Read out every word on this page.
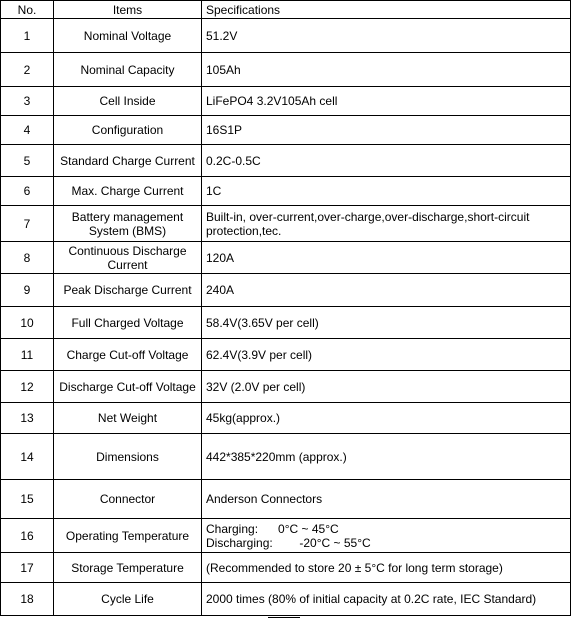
No.	Items	Specifications
1	Nominal Voltage	51.2V
2	Nominal Capacity	105Ah
3	Cell Inside	LiFePO4 3.2V105Ah cell
4	Configuration	16S1P
5	Standard Charge Current	0.2C-0.5C
6	Max. Charge Current	1C
7	Battery management System (BMS)	Built-in, over-current,over-charge,over-discharge,short-circuit protection,tec.
8	Continuous Discharge Current	120A
9	Peak Discharge Current	240A
10	Full Charged Voltage	58.4V(3.65V per cell)
11	Charge Cut-off Voltage	62.4V(3.9V per cell)
12	Discharge Cut-off Voltage	32V (2.0V per cell)
13	Net Weight	45kg(approx.)
14	Dimensions	442*385*220mm (approx.)
15	Connector	Anderson Connectors
16	Operating Temperature	Charging:      0°C ~ 45°C
Discharging:        -20°C ~ 55°C

17	Storage Temperature	(Recommended to store 20 ± 5°C for long term storage)
18	Cycle Life	2000 times (80% of initial capacity at 0.2C rate, IEC Standard)
